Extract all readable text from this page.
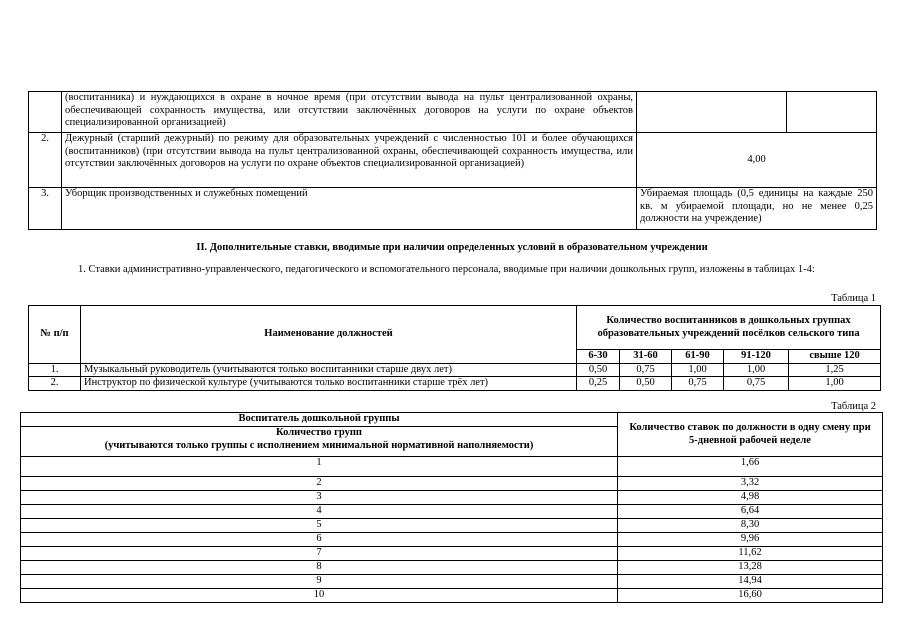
	(воспитанника) и нуждающихся в охране в ночное время (при отсутствии вывода на пульт централизованной охраны, обеспечивающей сохранность имущества, или отсутствии заключённых договоров на услуги по охране объектов специализированной организацией)		
2.	Дежурный (старший дежурный) по режиму для образовательных учреждений с численностью 101 и более обучающихся (воспитанников) (при отсутствии вывода на пульт централизованной охраны, обеспечивающей сохранность имущества, или отсутствии заключённых договоров на услуги по охране объектов специализированной организацией)	4,00	
3.	Уборщик производственных и служебных помещений	Убираемая площадь (0,5 единицы на каждые 250 кв. м убираемой площади, но не менее 0,25 должности на учреждение)	
II. Дополнительные ставки, вводимые при наличии определенных условий в образовательном учреждении
1. Ставки административно-управленческого, педагогического и вспомогательного персонала, вводимые при наличии дошкольных групп, изложены в таблицах 1-4:
Таблица 1
№ п/п	Наименование должностей	Количество воспитанников в дошкольных группах образовательных учреждений посёлков сельского типа				
		6-30	31-60	61-90	91-120	свыше 120
1.	Музыкальный руководитель (учитываются только воспитанники старше двух лет)	0,50	0,75	1,00	1,00	1,25
2.	Инструктор по физической культуре (учитываются только воспитанники старше трёх лет)	0,25	0,50	0,75	0,75	1,00
Таблица 2
Воспитатель дошкольной группы	Количество ставок по должности в одну смену при 5-дневной рабочей неделе

Количество групп
(учитываются только группы с исполнением минимальной нормативной наполняемости)	

1	1,66
2	3,32
3	4,98
4	6,64
5	8,30
6	9,96
7	11,62
8	13,28
9	14,94
10	16,60
